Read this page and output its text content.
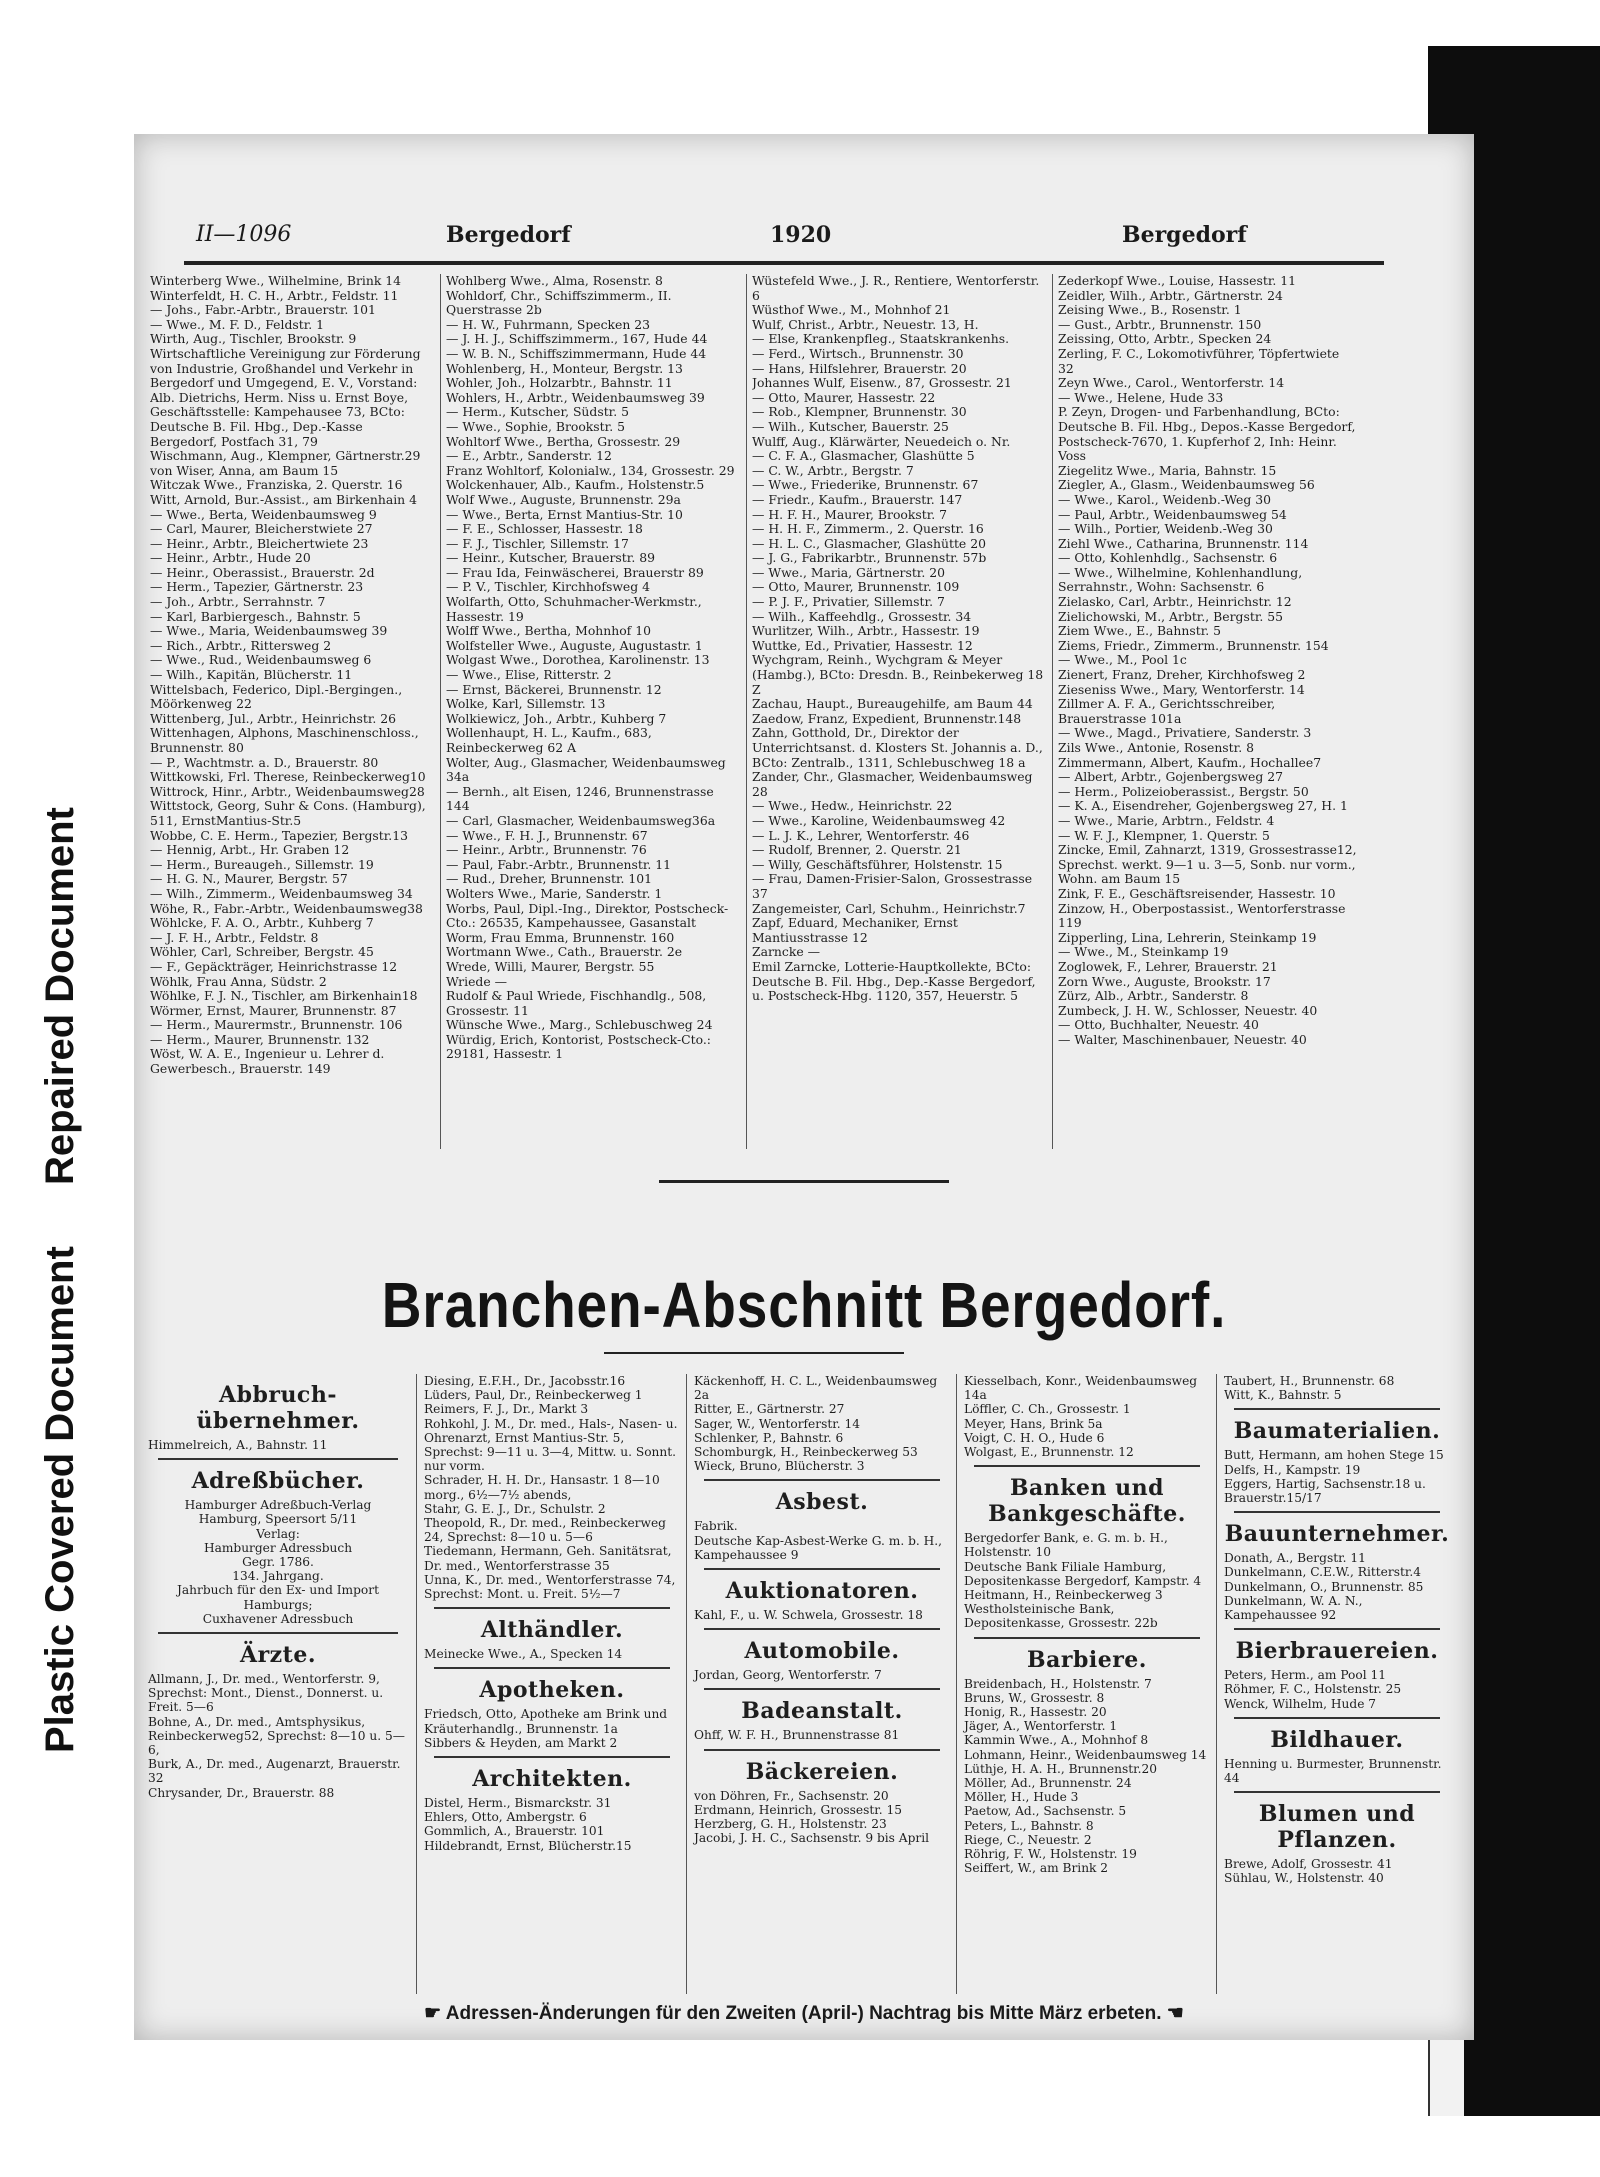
Repaired Document
Plastic Covered Document
II—1096	Bergedorf	1920	Bergedorf
Winterberg Wwe., Wilhelmine, Brink 14
Winterfeldt, H. C. H., Arbtr., Feldstr. 11
— Johs., Fabr.-Arbtr., Brauerstr. 101
— Wwe., M. F. D., Feldstr. 1
Wirth, Aug., Tischler, Brookstr. 9
Wirtschaftliche Vereinigung zur Förderung von Industrie, Großhandel und Verkehr in Bergedorf und Umgegend, E. V., Vorstand: Alb. Dietrichs, Herm. Niss u. Ernst Boye, Geschäftsstelle: Kampehausee 73, BCto: Deutsche B. Fil. Hbg., Dep.-Kasse Bergedorf, Postfach 31, 79
Wischmann, Aug., Klempner, Gärtnerstr.29
von Wiser, Anna, am Baum 15
Witczak Wwe., Franziska, 2. Querstr. 16
Witt, Arnold, Bur.-Assist., am Birkenhain 4
— Wwe., Berta, Weidenbaumsweg 9
— Carl, Maurer, Bleicherstwiete 27
— Heinr., Arbtr., Bleichertwiete 23
— Heinr., Arbtr., Hude 20
— Heinr., Oberassist., Brauerstr. 2d
— Herm., Tapezier, Gärtnerstr. 23
— Joh., Arbtr., Serrahnstr. 7
— Karl, Barbiergesch., Bahnstr. 5
— Wwe., Maria, Weidenbaumsweg 39
— Rich., Arbtr., Rittersweg 2
— Wwe., Rud., Weidenbaumsweg 6
— Wilh., Kapitän, Blücherstr. 11
Wittelsbach, Federico, Dipl.-Bergingen., Möörkenweg 22
Wittenberg, Jul., Arbtr., Heinrichstr. 26
Wittenhagen, Alphons, Maschinenschloss., Brunnenstr. 80
— P., Wachtmstr. a. D., Brauerstr. 80
Wittkowski, Frl. Therese, Reinbeckerweg10
Wittrock, Hinr., Arbtr., Weidenbaumsweg28
Wittstock, Georg, Suhr & Cons. (Hamburg), 511, ErnstMantius-Str.5
Wobbe, C. E. Herm., Tapezier, Bergstr.13
— Hennig, Arbt., Hr. Graben 12
— Herm., Bureaugeh., Sillemstr. 19
— H. G. N., Maurer, Bergstr. 57
— Wilh., Zimmerm., Weidenbaumsweg 34
Wöhe, R., Fabr.-Arbtr., Weidenbaumsweg38
Wöhlcke, F. A. O., Arbtr., Kuhberg 7
— J. F. H., Arbtr., Feldstr. 8
Wöhler, Carl, Schreiber, Bergstr. 45
— F., Gepäckträger, Heinrichstrasse 12
Wöhlk, Frau Anna, Südstr. 2
Wöhlke, F. J. N., Tischler, am Birkenhain18
Wörmer, Ernst, Maurer, Brunnenstr. 87
— Herm., Maurermstr., Brunnenstr. 106
— Herm., Maurer, Brunnenstr. 132
Wöst, W. A. E., Ingenieur u. Lehrer d. Gewerbesch., Brauerstr. 149
Wohlberg Wwe., Alma, Rosenstr. 8
Wohldorf, Chr., Schiffszimmerm., II. Querstrasse 2b
— H. W., Fuhrmann, Specken 23
— J. H. J., Schiffszimmerm., 167, Hude 44
— W. B. N., Schiffszimmermann, Hude 44
Wohlenberg, H., Monteur, Bergstr. 13
Wohler, Joh., Holzarbtr., Bahnstr. 11
Wohlers, H., Arbtr., Weidenbaumsweg 39
— Herm., Kutscher, Südstr. 5
— Wwe., Sophie, Brookstr. 5
Wohltorf Wwe., Bertha, Grossestr. 29
— E., Arbtr., Sanderstr. 12
Franz Wohltorf, Kolonialw., 134, Grossestr. 29
Wolckenhauer, Alb., Kaufm., Holstenstr.5
Wolf Wwe., Auguste, Brunnenstr. 29a
— Wwe., Berta, Ernst Mantius-Str. 10
— F. E., Schlosser, Hassestr. 18
— F. J., Tischler, Sillemstr. 17
— Heinr., Kutscher, Brauerstr. 89
— Frau Ida, Feinwäscherei, Brauerstr 89
— P. V., Tischler, Kirchhofsweg 4
Wolfarth, Otto, Schuhmacher-Werkmstr., Hassestr. 19
Wolff Wwe., Bertha, Mohnhof 10
Wolfsteller Wwe., Auguste, Augustastr. 1
Wolgast Wwe., Dorothea, Karolinenstr. 13
— Wwe., Elise, Ritterstr. 2
— Ernst, Bäckerei, Brunnenstr. 12
Wolke, Karl, Sillemstr. 13
Wolkiewicz, Joh., Arbtr., Kuhberg 7
Wollenhaupt, H. L., Kaufm., 683, Reinbeckerweg 62 A
Wolter, Aug., Glasmacher, Weidenbaumsweg 34a
— Bernh., alt Eisen, 1246, Brunnenstrasse 144
— Carl, Glasmacher, Weidenbaumsweg36a
— Wwe., F. H. J., Brunnenstr. 67
— Heinr., Arbtr., Brunnenstr. 76
— Paul, Fabr.-Arbtr., Brunnenstr. 11
— Rud., Dreher, Brunnenstr. 101
Wolters Wwe., Marie, Sanderstr. 1
Worbs, Paul, Dipl.-Ing., Direktor, Postscheck-Cto.: 26535, Kampehaussee, Gasanstalt
Worm, Frau Emma, Brunnenstr. 160
Wortmann Wwe., Cath., Brauerstr. 2e
Wrede, Willi, Maurer, Bergstr. 55
Wriede —
Rudolf & Paul Wriede, Fischhandlg., 508, Grossestr. 11
Wünsche Wwe., Marg., Schlebuschweg 24
Würdig, Erich, Kontorist, Postscheck-Cto.: 29181, Hassestr. 1
Wüstefeld Wwe., J. R., Rentiere, Wentorferstr. 6
Wüsthof Wwe., M., Mohnhof 21
Wulf, Christ., Arbtr., Neuestr. 13, H.
— Else, Krankenpfleg., Staatskrankenhs.
— Ferd., Wirtsch., Brunnenstr. 30
— Hans, Hilfslehrer, Brauerstr. 20
Johannes Wulf, Eisenw., 87, Grossestr. 21
— Otto, Maurer, Hassestr. 22
— Rob., Klempner, Brunnenstr. 30
— Wilh., Kutscher, Bauerstr. 25
Wulff, Aug., Klärwärter, Neuedeich o. Nr.
— C. F. A., Glasmacher, Glashütte 5
— C. W., Arbtr., Bergstr. 7
— Wwe., Friederike, Brunnenstr. 67
— Friedr., Kaufm., Brauerstr. 147
— H. F. H., Maurer, Brookstr. 7
— H. H. F., Zimmerm., 2. Querstr. 16
— H. L. C., Glasmacher, Glashütte 20
— J. G., Fabrikarbtr., Brunnenstr. 57b
— Wwe., Maria, Gärtnerstr. 20
— Otto, Maurer, Brunnenstr. 109
— P. J. F., Privatier, Sillemstr. 7
— Wilh., Kaffeehdlg., Grossestr. 34
Wurlitzer, Wilh., Arbtr., Hassestr. 19
Wuttke, Ed., Privatier, Hassestr. 12
Wychgram, Reinh., Wychgram & Meyer (Hambg.), BCto: Dresdn. B., Reinbekerweg 18
Z
Zachau, Haupt., Bureaugehilfe, am Baum 44
Zaedow, Franz, Expedient, Brunnenstr.148
Zahn, Gotthold, Dr., Direktor der Unterrichtsanst. d. Klosters St. Johannis a. D., BCto: Zentralb., 1311, Schlebuschweg 18 a
Zander, Chr., Glasmacher, Weidenbaumsweg 28
— Wwe., Hedw., Heinrichstr. 22
— Wwe., Karoline, Weidenbaumsweg 42
— L. J. K., Lehrer, Wentorferstr. 46
— Rudolf, Brenner, 2. Querstr. 21
— Willy, Geschäftsführer, Holstenstr. 15
— Frau, Damen-Frisier-Salon, Grossestrasse 37
Zangemeister, Carl, Schuhm., Heinrichstr.7
Zapf, Eduard, Mechaniker, Ernst Mantiusstrasse 12
Zarncke —
Emil Zarncke, Lotterie-Hauptkollekte, BCto: Deutsche B. Fil. Hbg., Dep.-Kasse Bergedorf, u. Postscheck-Hbg. 1120, 357, Heuerstr. 5
Zederkopf Wwe., Louise, Hassestr. 11
Zeidler, Wilh., Arbtr., Gärtnerstr. 24
Zeising Wwe., B., Rosenstr. 1
— Gust., Arbtr., Brunnenstr. 150
Zeissing, Otto, Arbtr., Specken 24
Zerling, F. C., Lokomotivführer, Töpfertwiete 32
Zeyn Wwe., Carol., Wentorferstr. 14
— Wwe., Helene, Hude 33
P. Zeyn, Drogen- und Farbenhandlung, BCto: Deutsche B. Fil. Hbg., Depos.-Kasse Bergedorf, Postscheck-7670, 1. Kupferhof 2, Inh: Heinr. Voss
Ziegelitz Wwe., Maria, Bahnstr. 15
Ziegler, A., Glasm., Weidenbaumsweg 56
— Wwe., Karol., Weidenb.-Weg 30
— Paul, Arbtr., Weidenbaumsweg 54
— Wilh., Portier, Weidenb.-Weg 30
Ziehl Wwe., Catharina, Brunnenstr. 114
— Otto, Kohlenhdlg., Sachsenstr. 6
— Wwe., Wilhelmine, Kohlenhandlung, Serrahnstr., Wohn: Sachsenstr. 6
Zielasko, Carl, Arbtr., Heinrichstr. 12
Zielichowski, M., Arbtr., Bergstr. 55
Ziem Wwe., E., Bahnstr. 5
Ziems, Friedr., Zimmerm., Brunnenstr. 154
— Wwe., M., Pool 1c
Zienert, Franz, Dreher, Kirchhofsweg 2
Zieseniss Wwe., Mary, Wentorferstr. 14
Zillmer A. F. A., Gerichtsschreiber, Brauerstrasse 101a
— Wwe., Magd., Privatiere, Sanderstr. 3
Zils Wwe., Antonie, Rosenstr. 8
Zimmermann, Albert, Kaufm., Hochallee7
— Albert, Arbtr., Gojenbergsweg 27
— Herm., Polizeioberassist., Bergstr. 50
— K. A., Eisendreher, Gojenbergsweg 27, H. 1
— Wwe., Marie, Arbtrn., Feldstr. 4
— W. F. J., Klempner, 1. Querstr. 5
Zincke, Emil, Zahnarzt, 1319, Grossestrasse12, Sprechst. werkt. 9—1 u. 3—5, Sonb. nur vorm., Wohn. am Baum 15
Zink, F. E., Geschäftsreisender, Hassestr. 10
Zinzow, H., Oberpostassist., Wentorferstrasse 119
Zipperling, Lina, Lehrerin, Steinkamp 19
— Wwe., M., Steinkamp 19
Zoglowek, F., Lehrer, Brauerstr. 21
Zorn Wwe., Auguste, Brookstr. 17
Zürz, Alb., Arbtr., Sanderstr. 8
Zumbeck, J. H. W., Schlosser, Neuestr. 40
— Otto, Buchhalter, Neuestr. 40
— Walter, Maschinenbauer, Neuestr. 40
Branchen-Abschnitt Bergedorf.
Abbruch-übernehmer.
Himmelreich, A., Bahnstr. 11
Adreßbücher.
Hamburger Adreßbuch-Verlag
Hamburg, Speersort 5/11
Verlag:
Hamburger Adressbuch
Gegr. 1786.
134. Jahrgang.
Jahrbuch für den Ex- und Import Hamburgs;
Cuxhavener Adressbuch
Ärzte.
Allmann, J., Dr. med., Wentorferstr. 9, Sprechst: Mont., Dienst., Donnerst. u. Freit. 5—6
Bohne, A., Dr. med., Amtsphysikus, Reinbeckerweg52, Sprechst: 8—10 u. 5—6,
Burk, A., Dr. med., Augenarzt, Brauerstr. 32
Chrysander, Dr., Brauerstr. 88
Diesing, E.F.H., Dr., Jacobsstr.16
Lüders, Paul, Dr., Reinbeckerweg 1
Reimers, F. J., Dr., Markt 3
Rohkohl, J. M., Dr. med., Hals-, Nasen- u. Ohrenarzt, Ernst Mantius-Str. 5, Sprechst: 9—11 u. 3—4, Mittw. u. Sonnt. nur vorm.
Schrader, H. H. Dr., Hansastr. 1 8—10 morg., 6½—7½ abends,
Stahr, G. E. J., Dr., Schulstr. 2
Theopold, R., Dr. med., Reinbeckerweg 24, Sprechst: 8—10 u. 5—6
Tiedemann, Hermann, Geh. Sanitätsrat, Dr. med., Wentorferstrasse 35
Unna, K., Dr. med., Wentorferstrasse 74, Sprechst: Mont. u. Freit. 5½—7
Althändler.
Meinecke Wwe., A., Specken 14
Apotheken.
Friedsch, Otto, Apotheke am Brink und Kräuterhandlg., Brunnenstr. 1a
Sibbers & Heyden, am Markt 2
Architekten.
Distel, Herm., Bismarckstr. 31
Ehlers, Otto, Ambergstr. 6
Gommlich, A., Brauerstr. 101
Hildebrandt, Ernst, Blücherstr.15
Käckenhoff, H. C. L., Weidenbaumsweg 2a
Ritter, E., Gärtnerstr. 27
Sager, W., Wentorferstr. 14
Schlenker, P., Bahnstr. 6
Schomburgk, H., Reinbeckerweg 53
Wieck, Bruno, Blücherstr. 3
Asbest.
Fabrik.
Deutsche Kap-Asbest-Werke G. m. b. H., Kampehaussee 9
Auktionatoren.
Kahl, F., u. W. Schwela, Grossestr. 18
Automobile.
Jordan, Georg, Wentorferstr. 7
Badeanstalt.
Ohff, W. F. H., Brunnenstrasse 81
Bäckereien.
von Döhren, Fr., Sachsenstr. 20
Erdmann, Heinrich, Grossestr. 15
Herzberg, G. H., Holstenstr. 23
Jacobi, J. H. C., Sachsenstr. 9 bis April
Kiesselbach, Konr., Weidenbaumsweg 14a
Löffler, C. Ch., Grossestr. 1
Meyer, Hans, Brink 5a
Voigt, C. H. O., Hude 6
Wolgast, E., Brunnenstr. 12
Banken und Bankgeschäfte.
Bergedorfer Bank, e. G. m. b. H., Holstenstr. 10
Deutsche Bank Filiale Hamburg, Depositenkasse Bergedorf, Kampstr. 4
Heitmann, H., Reinbeckerweg 3
Westholsteinische Bank, Depositenkasse, Grossestr. 22b
Barbiere.
Breidenbach, H., Holstenstr. 7
Bruns, W., Grossestr. 8
Honig, R., Hassestr. 20
Jäger, A., Wentorferstr. 1
Kammin Wwe., A., Mohnhof 8
Lohmann, Heinr., Weidenbaumsweg 14
Lüthje, H. A. H., Brunnenstr.20
Möller, Ad., Brunnenstr. 24
Möller, H., Hude 3
Paetow, Ad., Sachsenstr. 5
Peters, L., Bahnstr. 8
Riege, C., Neuestr. 2
Röhrig, F. W., Holstenstr. 19
Seiffert, W., am Brink 2
Taubert, H., Brunnenstr. 68
Witt, K., Bahnstr. 5
Baumaterialien.
Butt, Hermann, am hohen Stege 15
Delfs, H., Kampstr. 19
Eggers, Hartig, Sachsenstr.18 u. Brauerstr.15/17
Bauunternehmer.
Donath, A., Bergstr. 11
Dunkelmann, C.E.W., Ritterstr.4
Dunkelmann, O., Brunnenstr. 85
Dunkelmann, W. A. N., Kampehaussee 92
Bierbrauereien.
Peters, Herm., am Pool 11
Röhmer, F. C., Holstenstr. 25
Wenck, Wilhelm, Hude 7
Bildhauer.
Henning u. Burmester, Brunnenstr. 44
Blumen und Pflanzen.
Brewe, Adolf, Grossestr. 41
Sühlau, W., Holstenstr. 40
☛ Adressen-Änderungen für den Zweiten (April-) Nachtrag bis Mitte März erbeten. ☚
